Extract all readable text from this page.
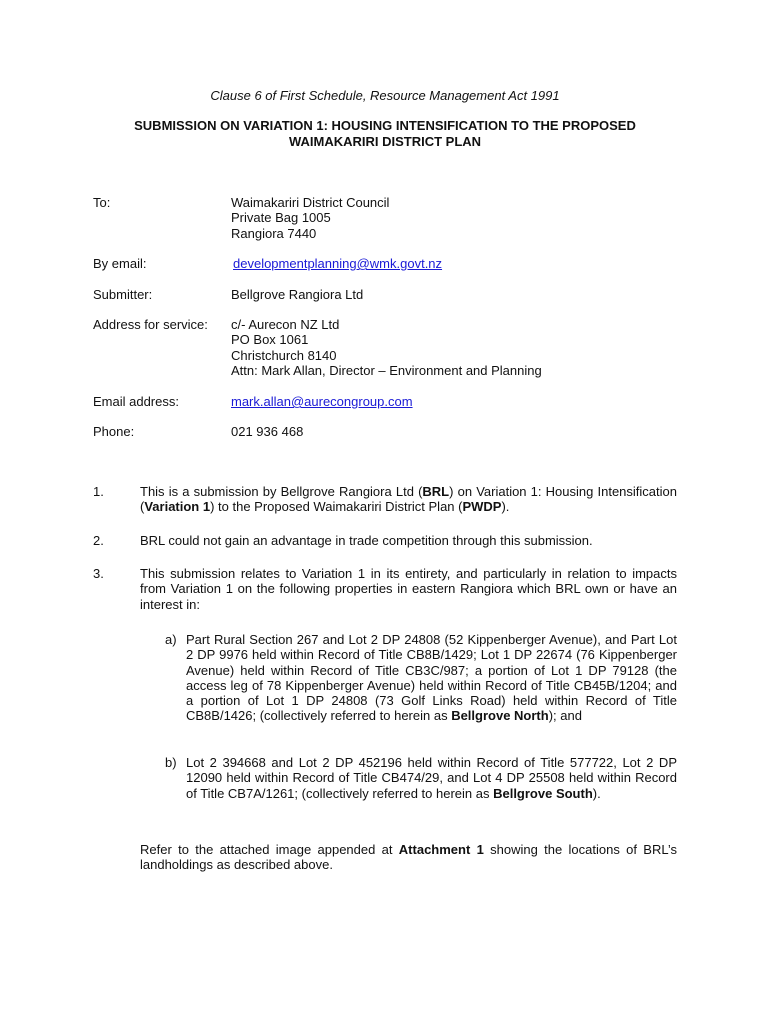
Clause 6 of First Schedule, Resource Management Act 1991
SUBMISSION ON VARIATION 1: HOUSING INTENSIFICATION TO THE PROPOSED
WAIMAKARIRI DISTRICT PLAN
To:	Waimakariri District Council
Private Bag 1005
Rangiora 7440
By email:	developmentplanning@wmk.govt.nz
Submitter:	Bellgrove Rangiora Ltd
Address for service: c/- Aurecon NZ Ltd
PO Box 1061
Christchurch 8140
Attn: Mark Allan, Director – Environment and Planning
Email address:	mark.allan@aurecongroup.com
Phone:	021 936 468
1.	This is a submission by Bellgrove Rangiora Ltd (BRL) on Variation 1: Housing Intensification (Variation 1) to the Proposed Waimakariri District Plan (PWDP).
2.	BRL could not gain an advantage in trade competition through this submission.
3.	This submission relates to Variation 1 in its entirety, and particularly in relation to impacts from Variation 1 on the following properties in eastern Rangiora which BRL own or have an interest in:
a) Part Rural Section 267 and Lot 2 DP 24808 (52 Kippenberger Avenue), and Part Lot 2 DP 9976 held within Record of Title CB8B/1429; Lot 1 DP 22674 (76 Kippenberger Avenue) held within Record of Title CB3C/987; a portion of Lot 1 DP 79128 (the access leg of 78 Kippenberger Avenue) held within Record of Title CB45B/1204; and a portion of Lot 1 DP 24808 (73 Golf Links Road) held within Record of Title CB8B/1426; (collectively referred to herein as Bellgrove North); and
b) Lot 2 394668 and Lot 2 DP 452196 held within Record of Title 577722, Lot 2 DP 12090 held within Record of Title CB474/29, and Lot 4 DP 25508 held within Record of Title CB7A/1261; (collectively referred to herein as Bellgrove South).
Refer to the attached image appended at Attachment 1 showing the locations of BRL’s landholdings as described above.
